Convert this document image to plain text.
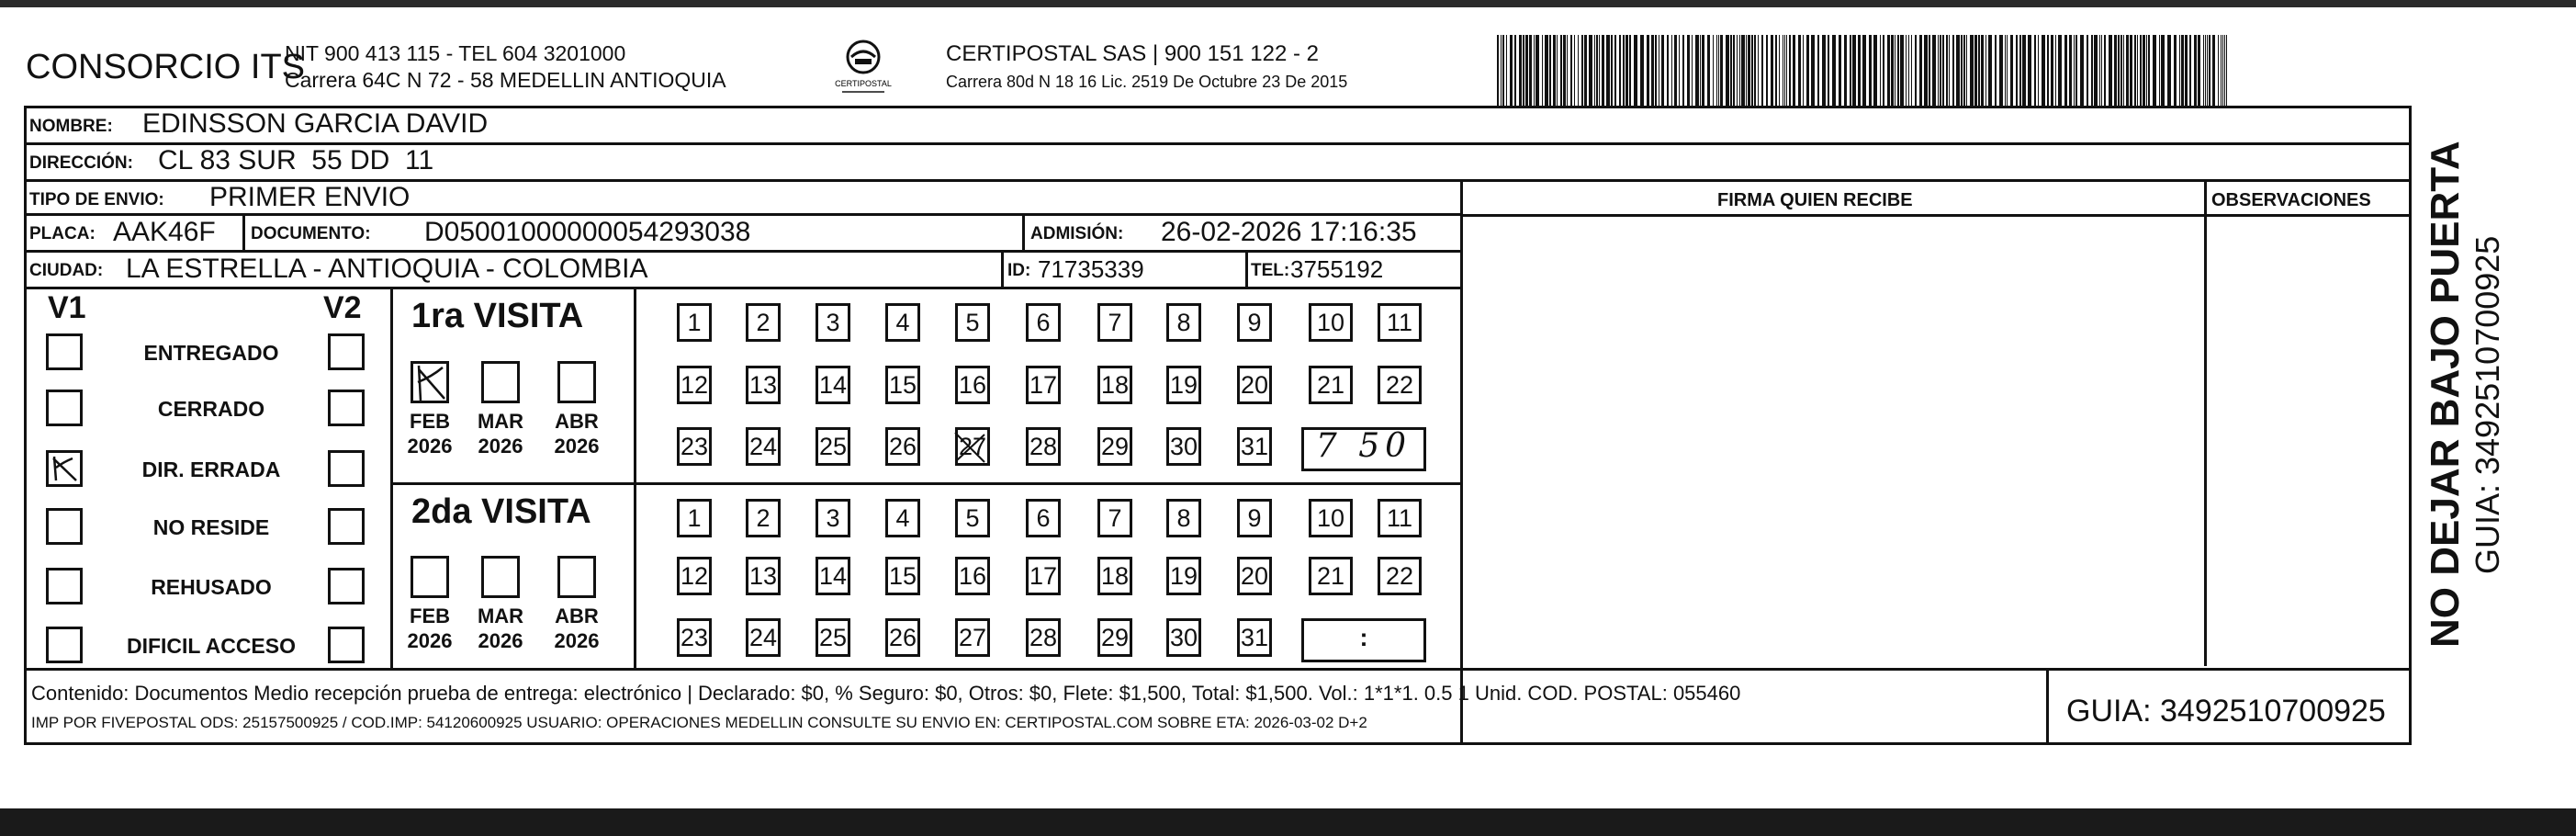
CONSORCIO ITS
NIT 900 413 115 - TEL 604 3201000
Carrera 64C N 72 - 58 MEDELLIN ANTIOQUIA	CERTIPOSTAL
CERTIPOSTAL SAS | 900 151 122 - 2
Carrera 80d N 18 16 Lic. 2519 De Octubre 23 De 2015
NOMBRE: EDINSSON GARCIA DAVID
DIRECCIÓN: CL 83 SUR  55 DD  11
TIPO DE ENVIO: PRIMER ENVIO	FIRMA QUIEN RECIBE	OBSERVACIONES
PLACA: AAK46F DOCUMENTO: D05001000000054293038	ADMISIÓN: 26-02-2026 17:16:35
CIUDAD: LA ESTRELLA - ANTIOQUIA - COLOMBIA	ID: 71735339	TEL: 3755192
V1	V2
ENTREGADO
CERRADO
DIR. ERRADA
NO RESIDE
REHUSADO
DIFICIL ACCESO
1ra VISITA
2da VISITA
FEB
2026
MAR
2026
ABR
2026
FEB
2026
MAR
2026
ABR
2026
1	2	3	4	5	6	7	8	9	10	11
12 13 14 15 16 17 18 19 20	21	22
23 24 25 26 27 28 29 30 31	7 50
1	2	3	4	5	6	7	8	9	10	11
12 13 14 15 16 17 18 19 20	21	22
23 24 25 26 27 28 29 30 31	:
Contenido: Documentos Medio recepción prueba de entrega: electrónico | Declarado: $0, % Seguro: $0, Otros: $0, Flete: $1,500, Total: $1,500. Vol.: 1*1*1. 0.5 1 Unid. COD. POSTAL: 055460
IMP POR FIVEPOSTAL ODS: 25157500925 / COD.IMP: 54120600925 USUARIO: OPERACIONES MEDELLIN CONSULTE SU ENVIO EN: CERTIPOSTAL.COM SOBRE ETA: 2026-03-02 D+2	GUIA: 3492510700925
NO DEJAR BAJO PUERTA GUIA: 3492510700925
